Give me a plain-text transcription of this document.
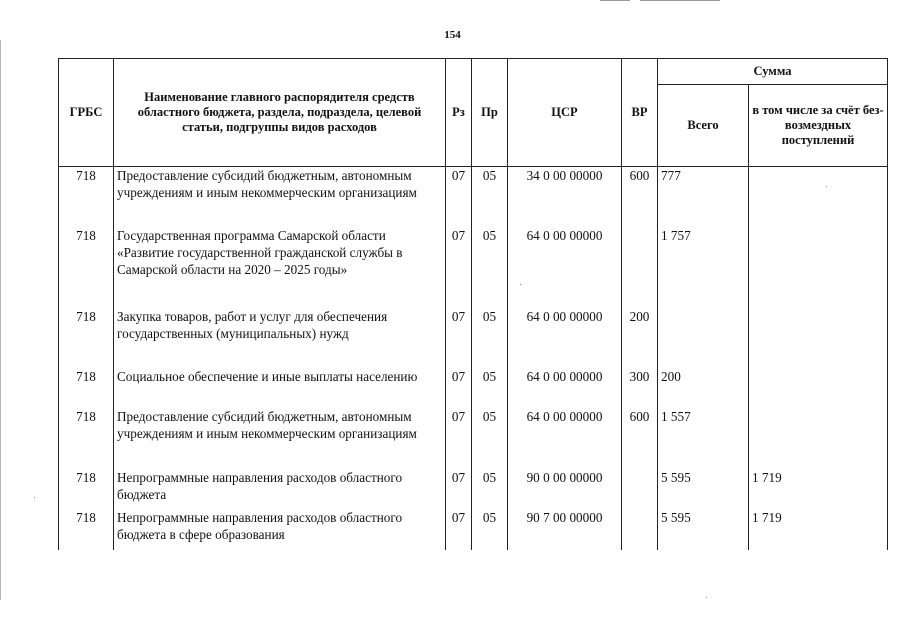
154
ГРБС	Наименование главного распорядителя средств областного бюджета, раздела, подраздела, целевой статьи, подгруппы видов расходов	Рз	Пр	ЦСР	ВР	Сумма	
						Всего	в том числе за счёт без-возмездных поступлений
718	Предоставление субсидий бюджетным, автономным учреждениям и иным некоммерческим организациям	07	05	34 0 00 00000	600	777	
718	Государственная программа Самарской области «Развитие государственной гражданской службы в Самарской области на 2020 – 2025 годы»	07	05	64 0 00 00000		1 757	
718	Закупка товаров, работ и услуг для обеспечения государственных (муниципальных) нужд	07	05	64 0 00 00000	200		
718	Социальное обеспечение и иные выплаты населению	07	05	64 0 00 00000	300	200	
718	Предоставление субсидий бюджетным, автономным учреждениям и иным некоммерческим организациям	07	05	64 0 00 00000	600	1 557	
718	Непрограммные направления расходов областного бюджета	07	05	90 0 00 00000		5 595	1 719
718	Непрограммные направления расходов областного бюджета в сфере образования	07	05	90 7 00 00000		5 595	1 719
